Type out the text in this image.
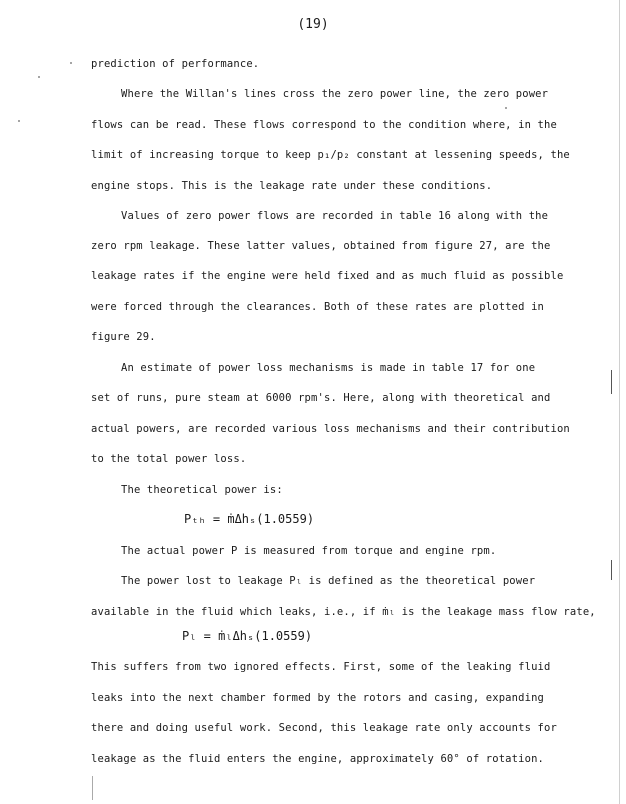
(19)
prediction of performance.
Where the Willan's lines cross the zero power line, the zero power
flows can be read. These flows correspond to the condition where, in the
limit of increasing torque to keep p₁/p₂ constant at lessening speeds, the
engine stops. This is the leakage rate under these conditions.
Values of zero power flows are recorded in table 16 along with the
zero rpm leakage. These latter values, obtained from figure 27, are the
leakage rates if the engine were held fixed and as much fluid as possible
were forced through the clearances. Both of these rates are plotted in
figure 29.
An estimate of power loss mechanisms is made in table 17 for one
set of runs, pure steam at 6000 rpm's. Here, along with theoretical and
actual powers, are recorded various loss mechanisms and their contribution
to the total power loss.
The theoretical power is:
Pₜₕ = ṁΔhₛ(1.0559)
The actual power P is measured from torque and engine rpm.
The power lost to leakage Pₗ is defined as the theoretical power
available in the fluid which leaks, i.e., if ṁₗ is the leakage mass flow rate,
Pₗ = ṁₗΔhₛ(1.0559)
This suffers from two ignored effects. First, some of the leaking fluid
leaks into the next chamber formed by the rotors and casing, expanding
there and doing useful work. Second, this leakage rate only accounts for
leakage as the fluid enters the engine, approximately 60° of rotation.
